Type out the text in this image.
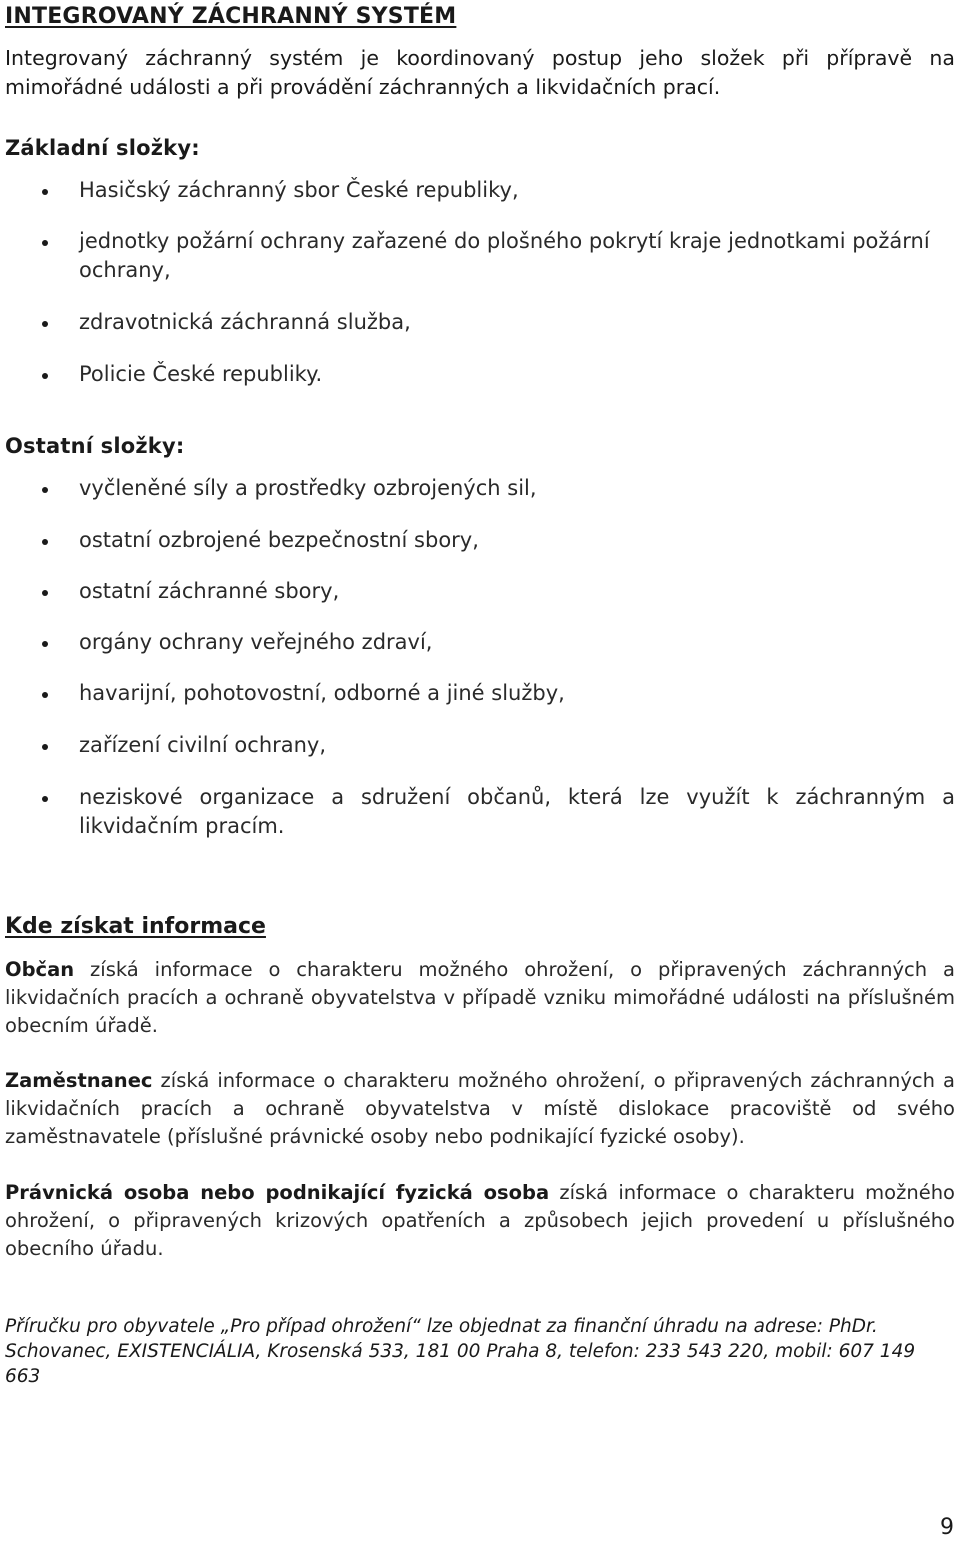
INTEGROVANÝ ZÁCHRANNÝ SYSTÉM
Integrovaný záchranný systém je koordinovaný postup jeho složek při přípravě na mimořádné události a při provádění záchranných a likvidačních prací.
Základní složky:
Hasičský záchranný sbor České republiky,
jednotky požární ochrany zařazené do plošného pokrytí kraje jednotkami požární ochrany,
zdravotnická záchranná služba,
Policie České republiky.
Ostatní složky:
vyčleněné síly a prostředky ozbrojených sil,
ostatní ozbrojené bezpečnostní sbory,
ostatní záchranné sbory,
orgány ochrany veřejného zdraví,
havarijní, pohotovostní, odborné a jiné služby,
zařízení civilní ochrany,
neziskové organizace a sdružení občanů, která lze využít k záchranným a likvidačním pracím.
Kde získat informace
Občan získá informace o charakteru možného ohrožení, o připravených záchranných a likvidačních pracích a ochraně obyvatelstva v případě vzniku mimořádné události na příslušném obecním úřadě.
Zaměstnanec získá informace o charakteru možného ohrožení, o připravených záchranných a likvidačních pracích a ochraně obyvatelstva v místě dislokace pracoviště od svého zaměstnavatele (příslušné právnické osoby nebo podnikající fyzické osoby).
Právnická osoba nebo podnikající fyzická osoba získá informace o charakteru možného ohrožení, o připravených krizových opatřeních a způsobech jejich provedení u příslušného obecního úřadu.
Příručku pro obyvatele „Pro případ ohrožení“ lze objednat za finanční úhradu na adrese: PhDr. Schovanec, EXISTENCIÁLIA, Krosenská 533, 181 00 Praha 8, telefon: 233 543 220, mobil: 607 149 663
9
